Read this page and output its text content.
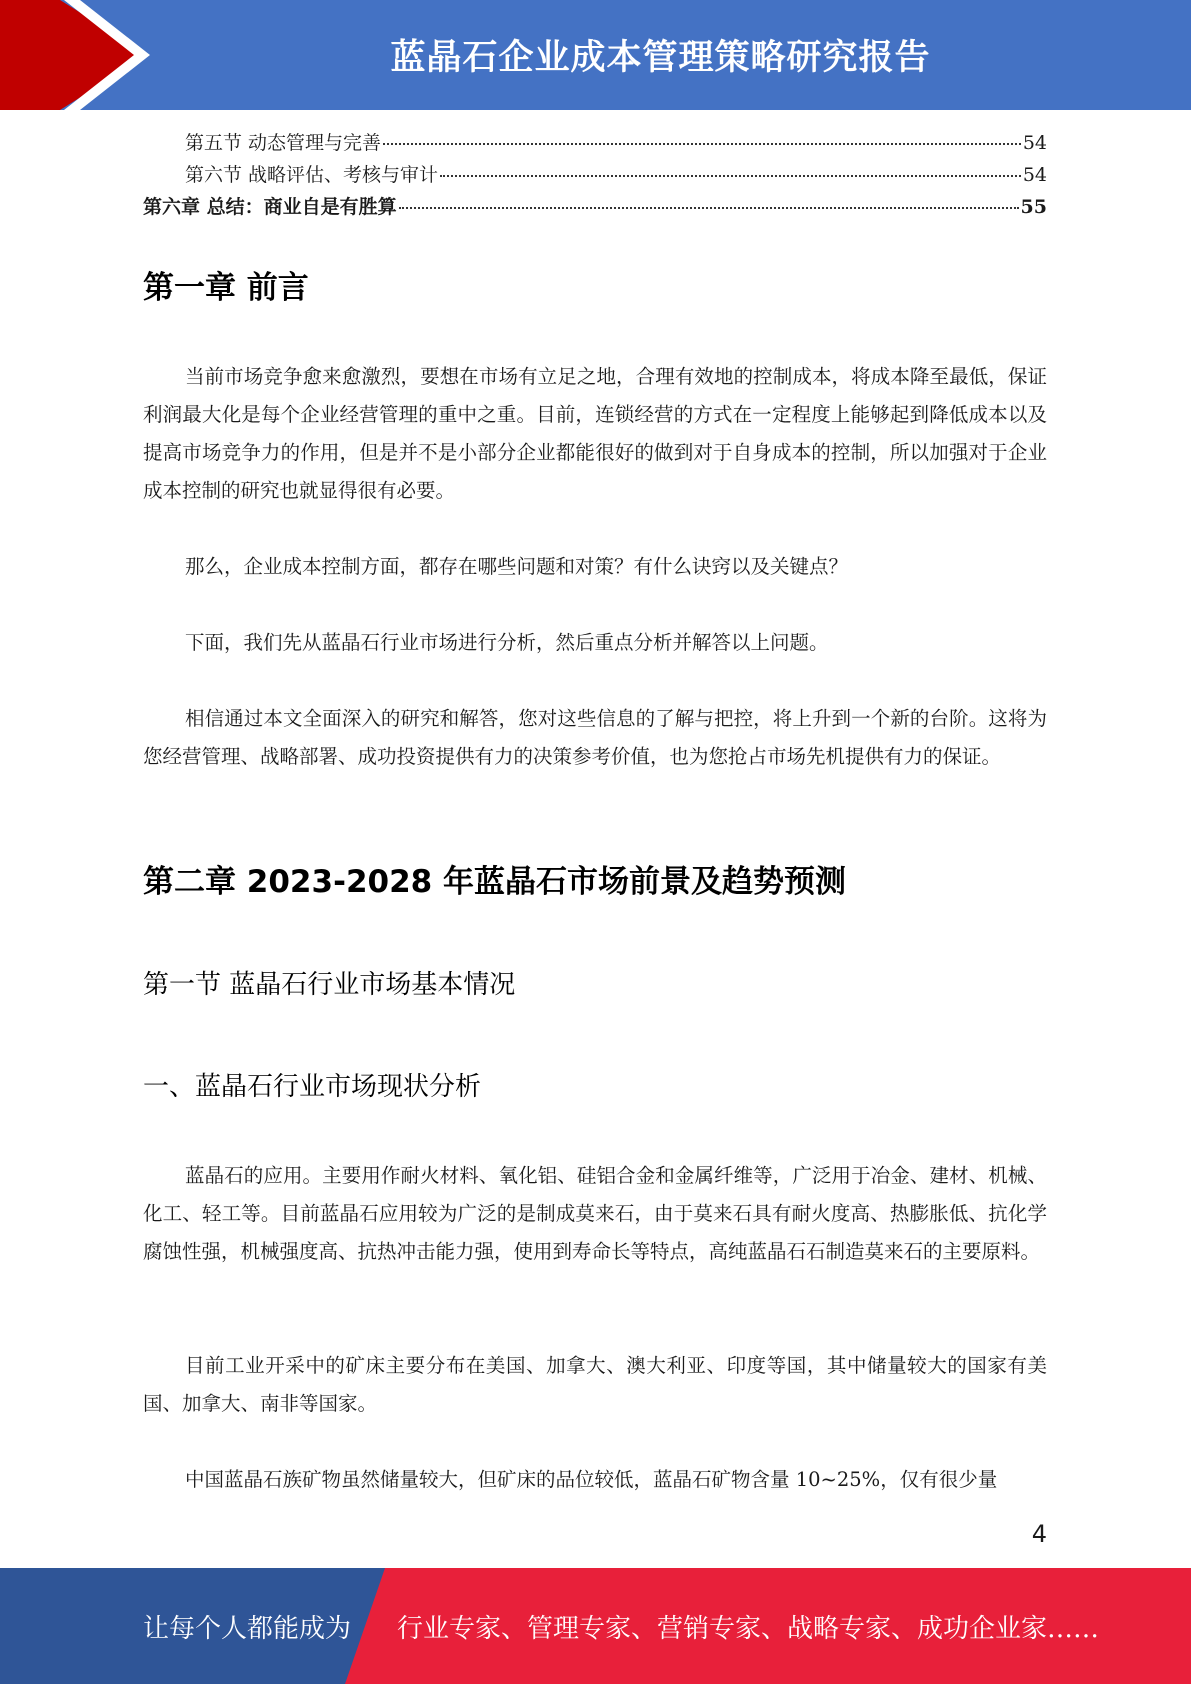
蓝晶石企业成本管理策略研究报告
第五节 动态管理与完善	54
第六节 战略评估、考核与审计	54
第六章 总结：商业自是有胜算	55
第一章 前言

当前市场竞争愈来愈激烈，要想在市场有立足之地，合理有效地的控制成本，将成本降至最低，保证利润最大化是每个企业经营管理的重中之重。目前，连锁经营的方式在一定程度上能够起到降低成本以及提高市场竞争力的作用，但是并不是小部分企业都能很好的做到对于自身成本的控制，所以加强对于企业成本控制的研究也就显得很有必要。

那么，企业成本控制方面，都存在哪些问题和对策？有什么诀窍以及关键点？

下面，我们先从蓝晶石行业市场进行分析，然后重点分析并解答以上问题。

相信通过本文全面深入的研究和解答，您对这些信息的了解与把控，将上升到一个新的台阶。这将为您经营管理、战略部署、成功投资提供有力的决策参考价值，也为您抢占市场先机提供有力的保证。

第二章 2023-2028 年蓝晶石市场前景及趋势预测
第一节 蓝晶石行业市场基本情况
一、蓝晶石行业市场现状分析

蓝晶石的应用。主要用作耐火材料、氧化铝、硅铝合金和金属纤维等，广泛用于冶金、建材、机械、化工、轻工等。目前蓝晶石应用较为广泛的是制成莫来石，由于莫来石具有耐火度高、热膨胀低、抗化学腐蚀性强，机械强度高、抗热冲击能力强，使用到寿命长等特点，高纯蓝晶石石制造莫来石的主要原料。

目前工业开采中的矿床主要分布在美国、加拿大、澳大利亚、印度等国，其中储量较大的国家有美国、加拿大、南非等国家。

中国蓝晶石族矿物虽然储量较大，但矿床的品位较低，蓝晶石矿物含量 10~25%，仅有很少量

4
让每个人都能成为 行业专家、管理专家、营销专家、战略专家、成功企业家……
